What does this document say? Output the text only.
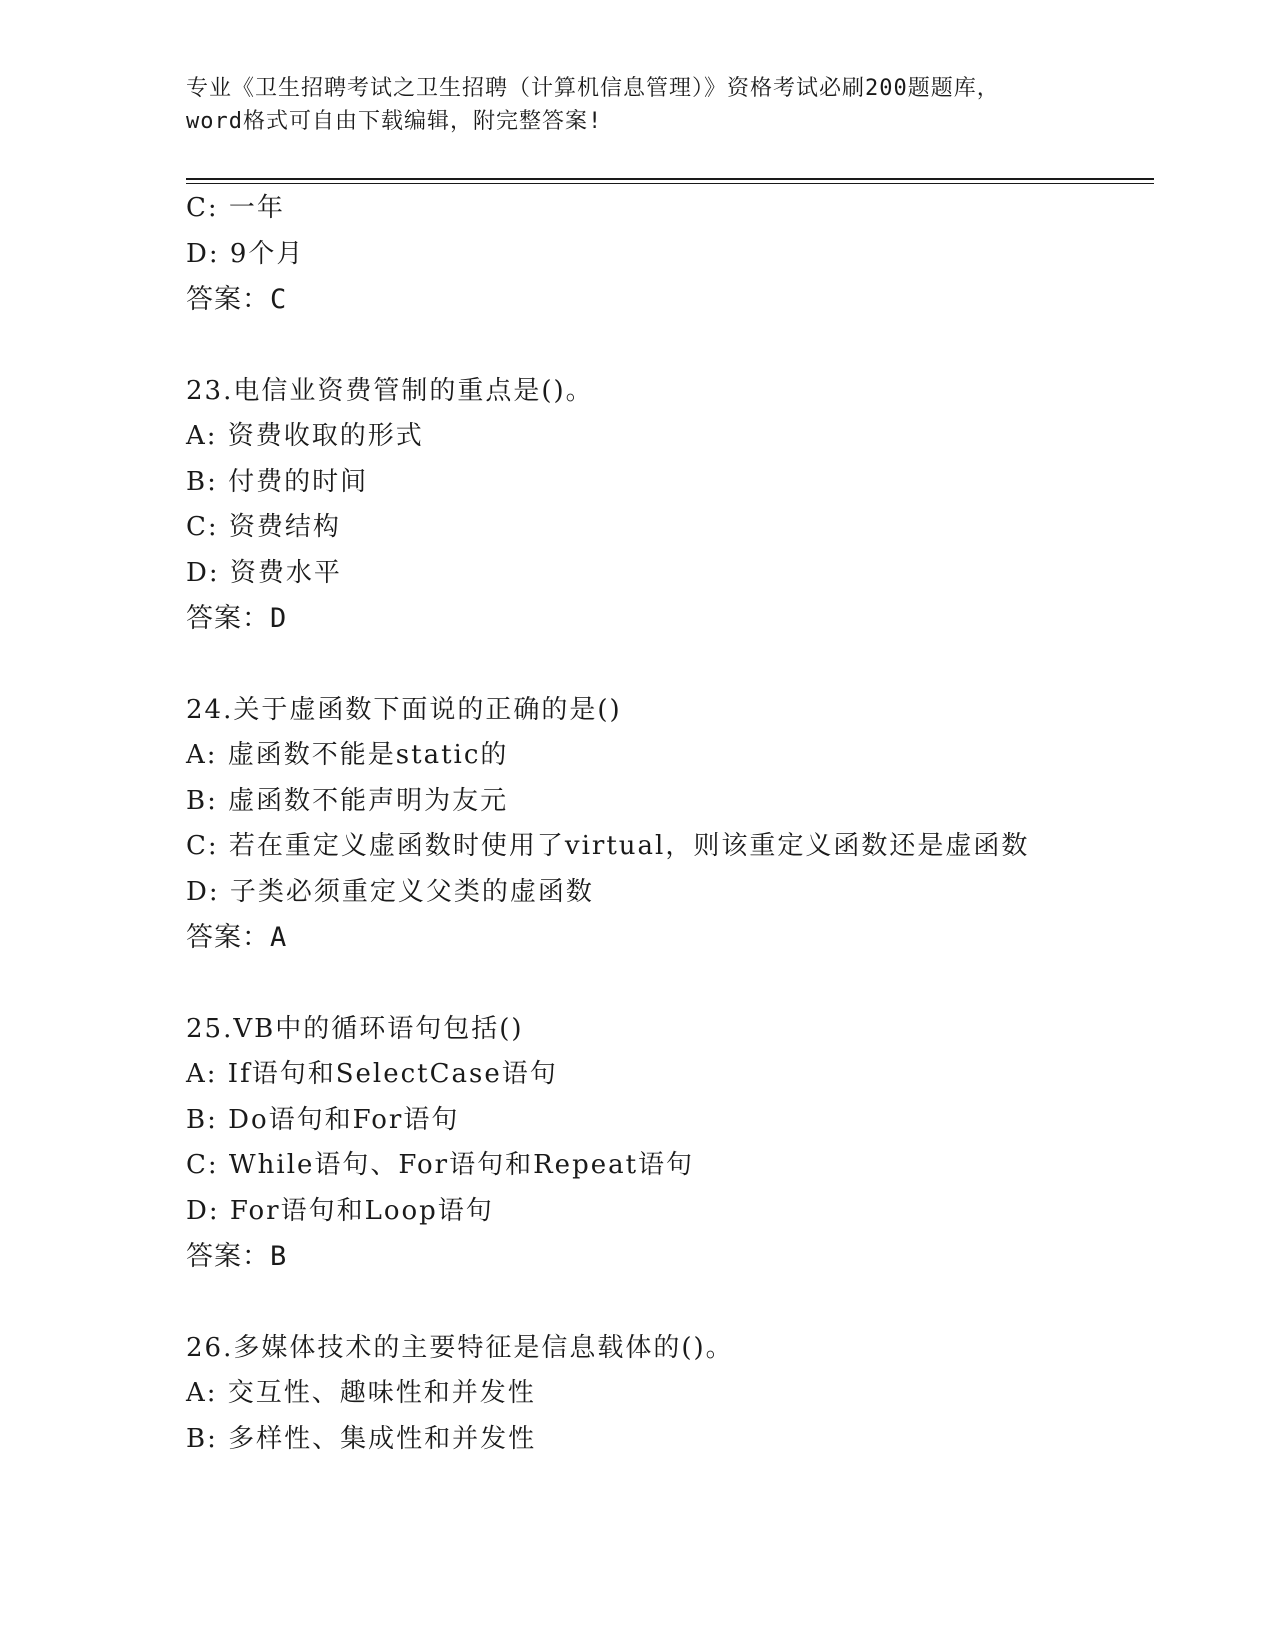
专业《卫生招聘考试之卫生招聘（计算机信息管理）》资格考试必刷200题题库，
word格式可自由下载编辑，附完整答案!
C: 一年
D: 9个月
答案：C
23.电信业资费管制的重点是()。
A: 资费收取的形式
B: 付费的时间
C: 资费结构
D: 资费水平
答案：D
24.关于虚函数下面说的正确的是()
A: 虚函数不能是static的
B: 虚函数不能声明为友元
C: 若在重定义虚函数时使用了virtual，则该重定义函数还是虚函数
D: 子类必须重定义父类的虚函数
答案：A
25.VB中的循环语句包括()
A: If语句和SelectCase语句
B: Do语句和For语句
C: While语句、For语句和Repeat语句
D: For语句和Loop语句
答案：B
26.多媒体技术的主要特征是信息载体的()。
A: 交互性、趣味性和并发性
B: 多样性、集成性和并发性
